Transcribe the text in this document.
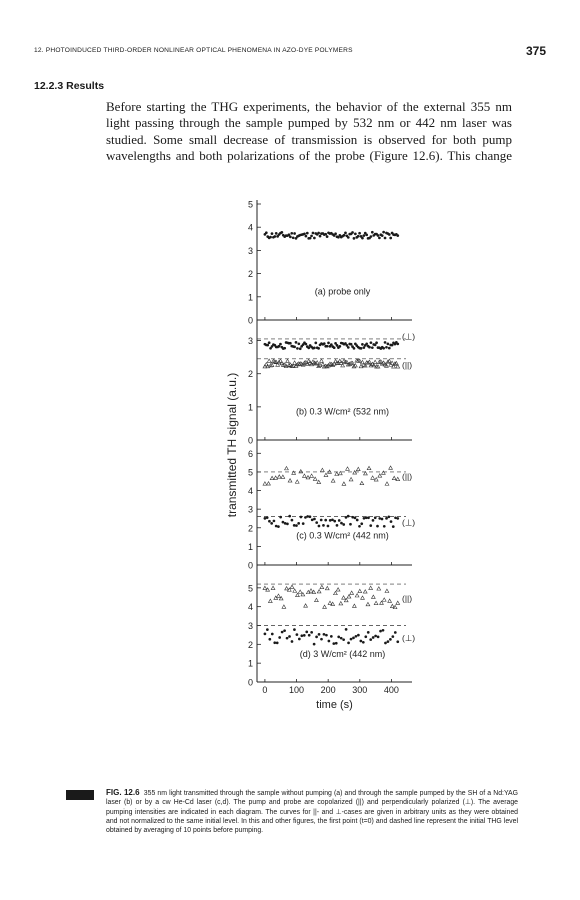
12. PHOTOINDUCED THIRD-ORDER NONLINEAR OPTICAL PHENOMENA IN AZO-DYE POLYMERS	375
12.2.3 Results
Before starting the THG experiments, the behavior of the external 355 nm
light passing through the sample pumped by 532 nm or 442 nm laser was
studied. Some small decrease of transmission is observed for both pump
wavelengths and both polarizations of the probe (Figure 12.6). This change
0
1
2
3
4
5
(a) probe only
0
1
2
3	(⊥)
(||)
(b) 0.3 W/cm² (532 nm)
0
1
2
3
4
5
6
(||)
(⊥)
(c) 0.3 W/cm² (442 nm)
0
1
2
3
4
5
(||)
(⊥)
(d) 3 W/cm² (442 nm)
0 100 200 300 400
time (s)
transmitted TH signal (a.u.)
FIG. 12.6 355 nm light transmitted through the sample without pumping (a) and through the sample pumped by the SH of a Nd:YAG laser (b) or by a cw He-Cd laser (c,d). The pump and probe are copolarized (||) and perpendicularly polarized (⊥). The average pumping intensities are indicated in each diagram. The curves for ||- and ⊥-cases are given in arbitrary units as they were obtained and not normalized to the same initial level. In this and other figures, the first point (t=0) and dashed line represent the initial THG level obtained by averaging of 10 points before pumping.
